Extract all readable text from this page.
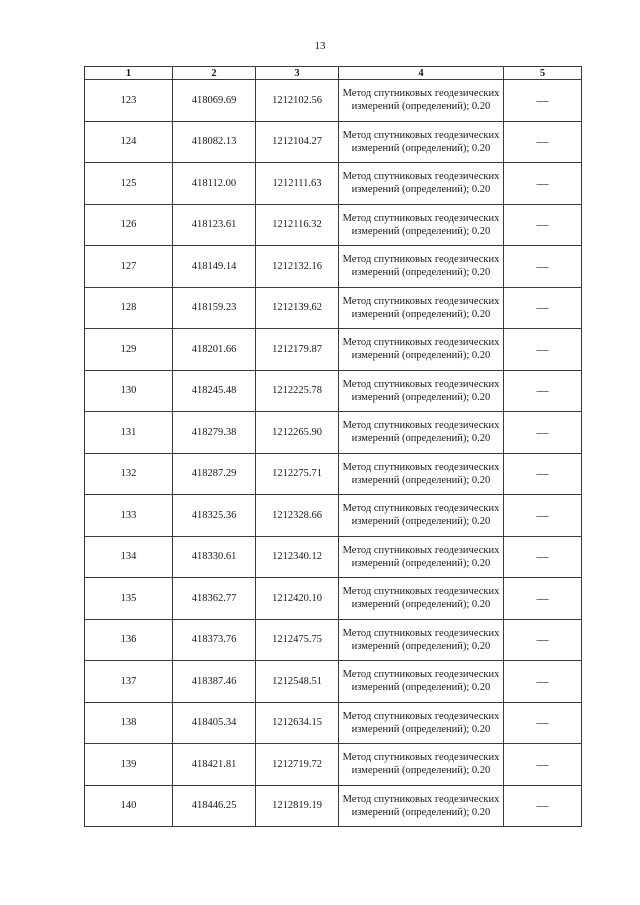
13
1	2	3	4	5
123	418069.69	1212102.56	Метод спутниковых геодезических измерений (определений); 0.20	—
124	418082.13	1212104.27	Метод спутниковых геодезических измерений (определений); 0.20	—
125	418112.00	1212111.63	Метод спутниковых геодезических измерений (определений); 0.20	—
126	418123.61	1212116.32	Метод спутниковых геодезических измерений (определений); 0.20	—
127	418149.14	1212132.16	Метод спутниковых геодезических измерений (определений); 0.20	—
128	418159.23	1212139.62	Метод спутниковых геодезических измерений (определений); 0.20	—
129	418201.66	1212179.87	Метод спутниковых геодезических измерений (определений); 0.20	—
130	418245.48	1212225.78	Метод спутниковых геодезических измерений (определений); 0.20	—
131	418279.38	1212265.90	Метод спутниковых геодезических измерений (определений); 0.20	—
132	418287.29	1212275.71	Метод спутниковых геодезических измерений (определений); 0.20	—
133	418325.36	1212328.66	Метод спутниковых геодезических измерений (определений); 0.20	—
134	418330.61	1212340.12	Метод спутниковых геодезических измерений (определений); 0.20	—
135	418362.77	1212420.10	Метод спутниковых геодезических измерений (определений); 0.20	—
136	418373.76	1212475.75	Метод спутниковых геодезических измерений (определений); 0.20	—
137	418387.46	1212548.51	Метод спутниковых геодезических измерений (определений); 0.20	—
138	418405.34	1212634.15	Метод спутниковых геодезических измерений (определений); 0.20	—
139	418421.81	1212719.72	Метод спутниковых геодезических измерений (определений); 0.20	—
140	418446.25	1212819.19	Метод спутниковых геодезических измерений (определений); 0.20	—
